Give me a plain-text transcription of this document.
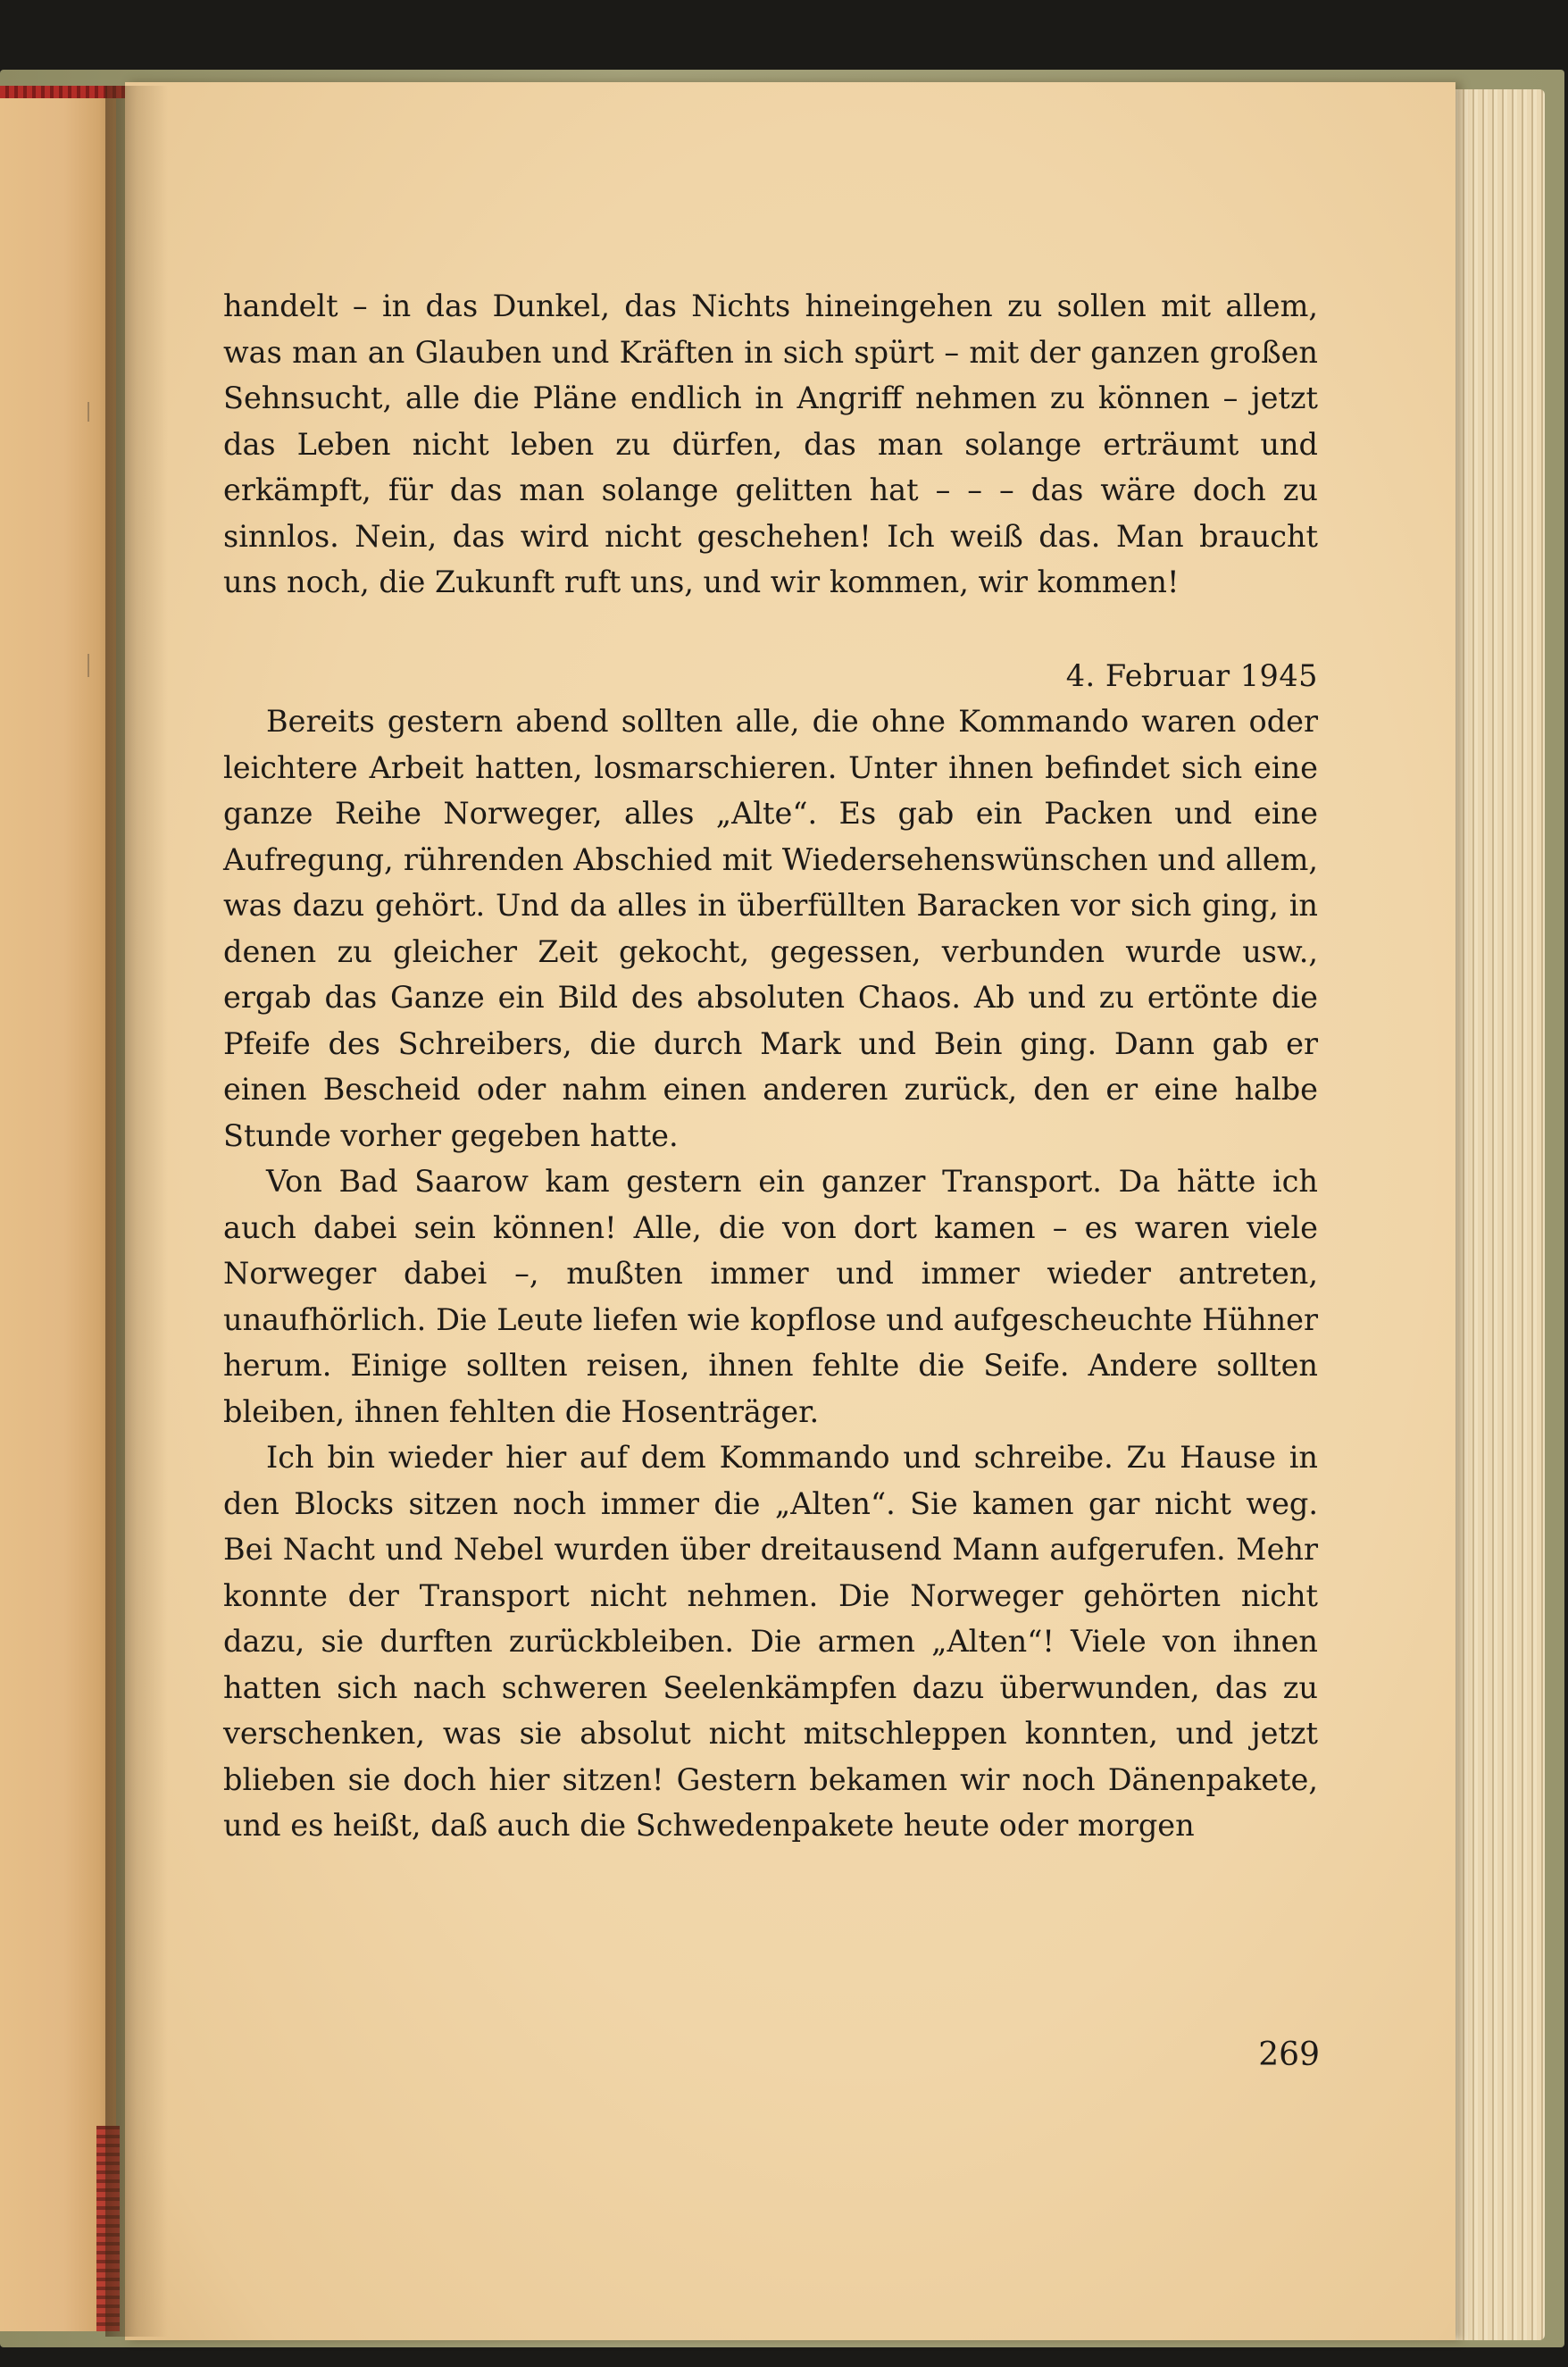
handelt – in das Dunkel, das Nichts hineingehen zu sollen mit allem, was man an Glauben und Kräften in sich spürt – mit der ganzen großen Sehnsucht, alle die Pläne endlich in Angriff nehmen zu können – jetzt das Leben nicht leben zu dürfen, das man solange erträumt und erkämpft, für das man solange gelitten hat – – – das wäre doch zu sinnlos. Nein, das wird nicht geschehen! Ich weiß das. Man braucht uns noch, die Zukunft ruft uns, und wir kommen, wir kommen!

4. Februar 1945

Bereits gestern abend sollten alle, die ohne Kommando waren oder leichtere Arbeit hatten, losmarschieren. Unter ihnen befindet sich eine ganze Reihe Norweger, alles „Alte“. Es gab ein Packen und eine Aufregung, rührenden Abschied mit Wiedersehenswünschen und allem, was dazu gehört. Und da alles in überfüllten Baracken vor sich ging, in denen zu gleicher Zeit gekocht, gegessen, verbunden wurde usw., ergab das Ganze ein Bild des absoluten Chaos. Ab und zu ertönte die Pfeife des Schreibers, die durch Mark und Bein ging. Dann gab er einen Bescheid oder nahm einen anderen zurück, den er eine halbe Stunde vorher gegeben hatte.

Von Bad Saarow kam gestern ein ganzer Transport. Da hätte ich auch dabei sein können! Alle, die von dort kamen – es waren viele Norweger dabei –, mußten immer und immer wieder antreten, unaufhörlich. Die Leute liefen wie kopflose und aufgescheuchte Hühner herum. Einige sollten reisen, ihnen fehlte die Seife. Andere sollten bleiben, ihnen fehlten die Hosenträger.

Ich bin wieder hier auf dem Kommando und schreibe. Zu Hause in den Blocks sitzen noch immer die „Alten“. Sie kamen gar nicht weg. Bei Nacht und Nebel wurden über dreitausend Mann aufgerufen. Mehr konnte der Transport nicht nehmen. Die Norweger gehörten nicht dazu, sie durften zurückbleiben. Die armen „Alten“! Viele von ihnen hatten sich nach schweren Seelenkämpfen dazu überwunden, das zu verschenken, was sie absolut nicht mitschleppen konnten, und jetzt blieben sie doch hier sitzen! Gestern bekamen wir noch Dänenpakete, und es heißt, daß auch die Schwedenpakete heute oder morgen

269
